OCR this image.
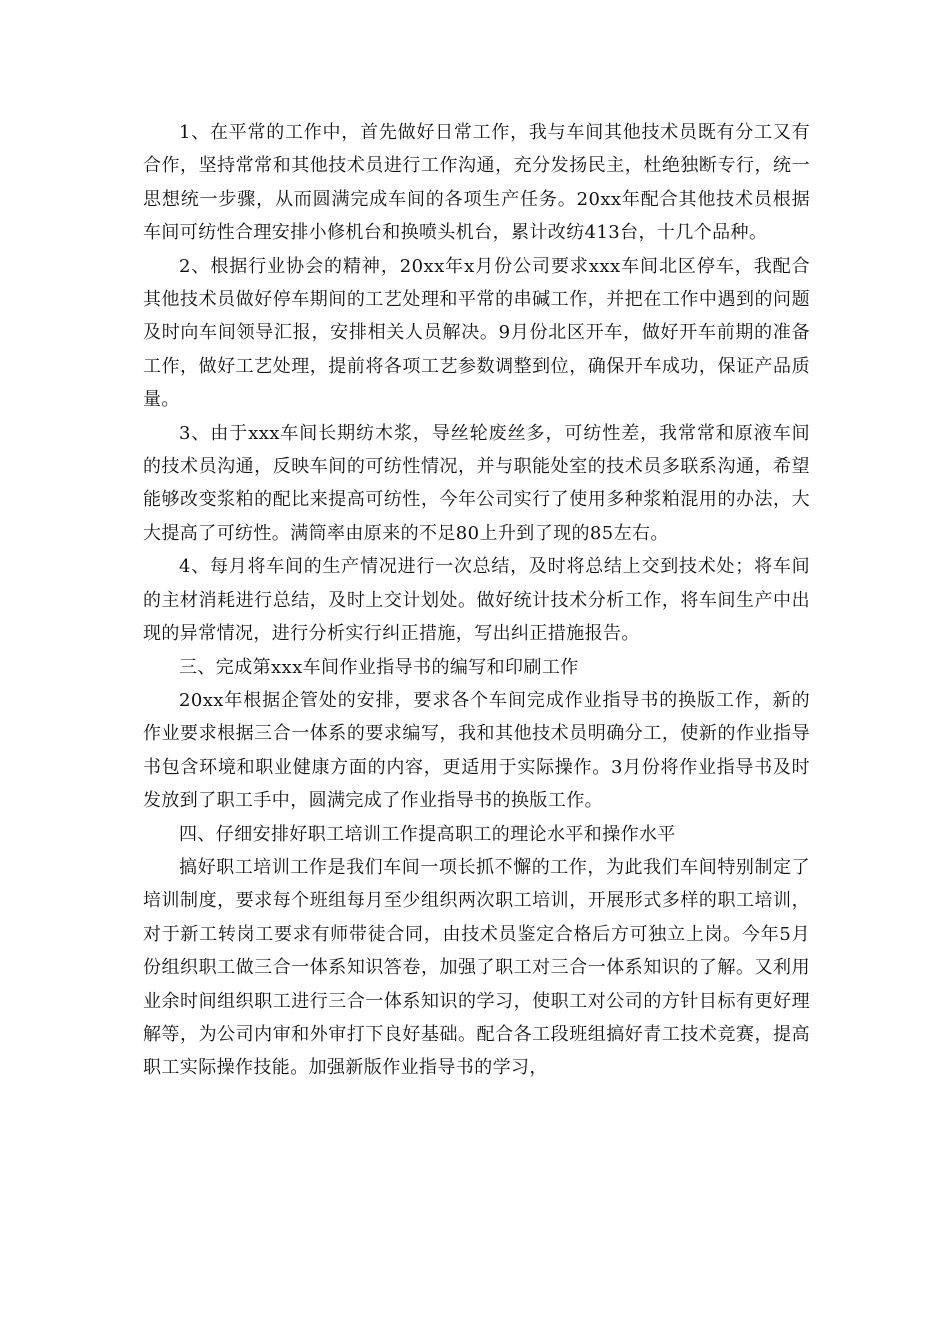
1、在平常的工作中，首先做好日常工作，我与车间其他技术员既有分工又有合作，坚持常常和其他技术员进行工作沟通，充分发扬民主，杜绝独断专行，统一思想统一步骤，从而圆满完成车间的各项生产任务。20xx年配合其他技术员根据车间可纺性合理安排小修机台和换喷头机台，累计改纺413台，十几个品种。

2、根据行业协会的精神，20xx年x月份公司要求xxx车间北区停车，我配合其他技术员做好停车期间的工艺处理和平常的串碱工作，并把在工作中遇到的问题及时向车间领导汇报，安排相关人员解决。9月份北区开车，做好开车前期的准备工作，做好工艺处理，提前将各项工艺参数调整到位，确保开车成功，保证产品质量。

3、由于xxx车间长期纺木浆，导丝轮废丝多，可纺性差，我常常和原液车间的技术员沟通，反映车间的可纺性情况，并与职能处室的技术员多联系沟通，希望能够改变浆粕的配比来提高可纺性，今年公司实行了使用多种浆粕混用的办法，大大提高了可纺性。满筒率由原来的不足80上升到了现的85左右。

4、每月将车间的生产情况进行一次总结，及时将总结上交到技术处；将车间的主材消耗进行总结，及时上交计划处。做好统计技术分析工作，将车间生产中出现的异常情况，进行分析实行纠正措施，写出纠正措施报告。

三、完成第xxx车间作业指导书的编写和印刷工作

20xx年根据企管处的安排，要求各个车间完成作业指导书的换版工作，新的作业要求根据三合一体系的要求编写，我和其他技术员明确分工，使新的作业指导书包含环境和职业健康方面的内容，更适用于实际操作。3月份将作业指导书及时发放到了职工手中，圆满完成了作业指导书的换版工作。

四、仔细安排好职工培训工作提高职工的理论水平和操作水平

搞好职工培训工作是我们车间一项长抓不懈的工作，为此我们车间特别制定了培训制度，要求每个班组每月至少组织两次职工培训，开展形式多样的职工培训，对于新工转岗工要求有师带徒合同，由技术员鉴定合格后方可独立上岗。今年5月份组织职工做三合一体系知识答卷，加强了职工对三合一体系知识的了解。又利用业余时间组织职工进行三合一体系知识的学习，使职工对公司的方针目标有更好理解等，为公司内审和外审打下良好基础。配合各工段班组搞好青工技术竞赛，提高职工实际操作技能。加强新版作业指导书的学习，
